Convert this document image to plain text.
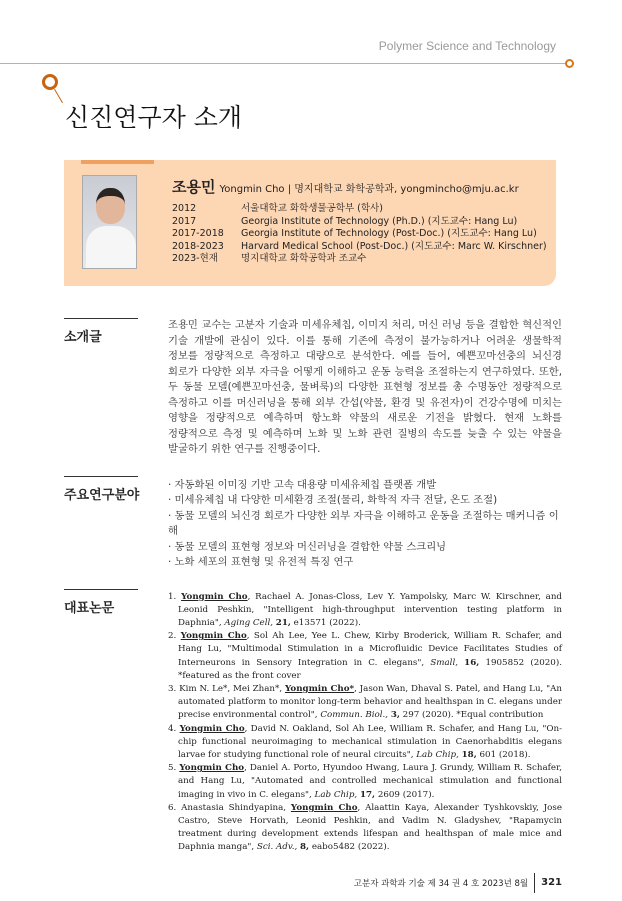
Polymer Science and Technology
신진연구자 소개
조용민 Yongmin Cho | 명지대학교 화학공학과, yongmincho@mju.ac.kr
2012	서울대학교 화학생물공학부 (학사)
2017	Georgia Institute of Technology (Ph.D.) (지도교수: Hang Lu)
2017-2018	Georgia Institute of Technology (Post-Doc.) (지도교수: Hang Lu)
2018-2023	Harvard Medical School (Post-Doc.) (지도교수: Marc W. Kirschner)
2023-현재	명지대학교 화학공학과 조교수
소개글

조용민 교수는 고분자 기술과 미세유체칩, 이미지 처리, 머신 러닝 등을 결합한 혁신적인 기술 개발에 관심이 있다. 이를 통해 기존에 측정이 불가능하거나 어려운 생물학적 정보를 정량적으로 측정하고 대량으로 분석한다. 예를 들어, 예쁜꼬마선충의 뇌신경 회로가 다양한 외부 자극을 어떻게 이해하고 운동 능력을 조절하는지 연구하였다. 또한, 두 동물 모델(예쁜꼬마선충, 물벼룩)의 다양한 표현형 정보를 총 수명동안 정량적으로 측정하고 이를 머신러닝을 통해 외부 간섭(약물, 환경 및 유전자)이 건강수명에 미치는 영향을 정량적으로 예측하며 항노화 약물의 새로운 기전을 밝혔다. 현재 노화를 정량적으로 측정 및 예측하며 노화 및 노화 관련 질병의 속도를 늦출 수 있는 약물을 발굴하기 위한 연구를 진행중이다.

주요연구분야
· 자동화된 이미징 기반 고속 대용량 미세유체칩 플랫폼 개발
· 미세유체칩 내 다양한 미세환경 조절(물리, 화학적 자극 전달, 온도 조절)
· 동물 모델의 뇌신경 회로가 다양한 외부 자극을 이해하고 운동을 조절하는 매커니즘 이해
· 동물 모델의 표현형 정보와 머신러닝을 결합한 약물 스크리닝
· 노화 세포의 표현형 및 유전적 특징 연구
대표논문
1. Yongmin Cho, Rachael A. Jonas-Closs, Lev Y. Yampolsky, Marc W. Kirschner, and Leonid Peshkin, "Intelligent high-throughput intervention testing platform in Daphnia", Aging Cell, 21, e13571 (2022).
2. Yongmin Cho, Sol Ah Lee, Yee L. Chew, Kirby Broderick, William R. Schafer, and Hang Lu, "Multimodal Stimulation in a Microfluidic Device Facilitates Studies of Interneurons in Sensory Integration in C. elegans", Small, 16, 1905852 (2020). *featured as the front cover
3. Kim N. Le*, Mei Zhan*, Yongmin Cho*, Jason Wan, Dhaval S. Patel, and Hang Lu, "An automated platform to monitor long-term behavior and healthspan in C. elegans under precise environmental control", Commun. Biol., 3, 297 (2020). *Equal contribution
4. Yongmin Cho, David N. Oakland, Sol Ah Lee, William R. Schafer, and Hang Lu, "On-chip functional neuroimaging to mechanical stimulation in Caenorhabditis elegans larvae for studying functional role of neural circuits", Lab Chip, 18, 601 (2018).
5. Yongmin Cho, Daniel A. Porto, Hyundoo Hwang, Laura J. Grundy, William R. Schafer, and Hang Lu, "Automated and controlled mechanical stimulation and functional imaging in vivo in C. elegans", Lab Chip, 17, 2609 (2017).
6. Anastasia Shindyapina, Yongmin Cho, Alaattin Kaya, Alexander Tyshkovskiy, Jose Castro, Steve Horvath, Leonid Peshkin, and Vadim N. Gladyshev, "Rapamycin treatment during development extends lifespan and healthspan of male mice and Daphnia manga", Sci. Adv., 8, eabo5482 (2022).
고분자 과학과 기술 제 34 권 4 호 2023년 8월 321
